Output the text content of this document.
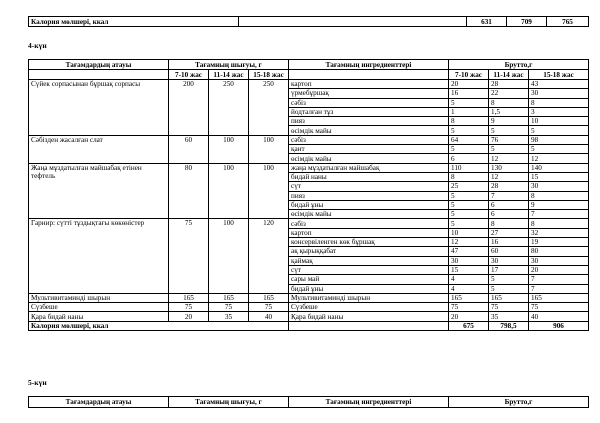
Калория мөлшері, ккал		631	709	765
4-күн
Тағамдардың атауы	Тағамның шығуы, г			Тағамның ингредиенттері	Брутто,г		
	7-10 жас	11-14 жас	15-18 жас		7-10 жас	11-14 жас	15-18 жас
Сүйек сорпасынан бұршақ сорпасы	200	250	250	картоп	20	28	43
				үрмебұршақ	16	22	30
				сәбіз	5	8	8
				йодталған тұз	1	1,5	3
				пияз	8	9	10
				өсімдік майы	5	5	5
Сәбізден жасалған слат	60	100	100	сәбіз	64	76	98
				қант	5	5	5
				өсімдік майы	6	12	12
Жаңа мұздатылған майшабақ етінен тефтель	80	100	100	жаңа мұздатылған майшабақ	110	130	140
				бидай наны	8	12	15
				сүт	25	28	30
				пияз	5	7	8
				бидай ұны	5	6	9
				өсімдік майы	5	6	7
Гарнир: сүтті тұздықтағы көкөністер	75	100	120	сәбіз	5	8	8
				картоп	10	27	32
				консервіленген көк бұршақ	12	16	19
				ақ қырыққабат	47	60	80
				қаймақ	30	30	30
				сүт	15	17	20
				сары май	4	5	7
				бидай ұны	4	5	7
Мультивитаминді шырын	165	165	165	Мультивитаминді шырын	165	165	165
Сүзбеше	75	75	75	Сүзбеше	75	75	75
Қара бидай наны	20	35	40	Қара бидай наны	20	35	40
Калория мөлшері, ккал					675	798,5	906
5-күн
Тағамдардың атауы	Тағамның шығуы, г	Тағамның ингредиенттері	Брутто,г
